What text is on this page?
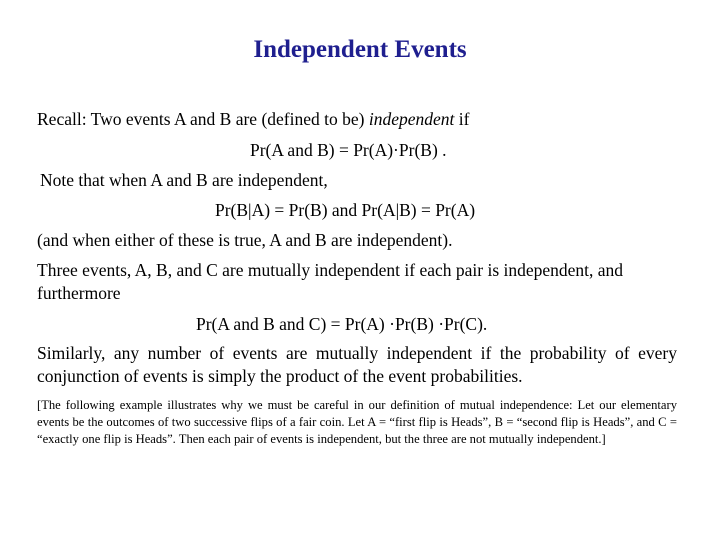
Independent Events
Recall: Two events A and B are (defined to be) independent if
Pr(A and B) = Pr(A)·Pr(B) .
Note that when A and B are independent,
Pr(B|A) = Pr(B) and Pr(A|B) = Pr(A)
(and when either of these is true, A and B are independent).
Three events, A, B, and C are mutually independent if each pair is independent, and furthermore
Pr(A and B and C) = Pr(A) ·Pr(B) ·Pr(C).
Similarly, any number of events are mutually independent if the probability of every conjunction of events is simply the product of the event probabilities.
[The following example illustrates why we must be careful in our definition of mutual independence: Let our elementary events be the outcomes of two successive flips of a fair coin. Let A = “first flip is Heads”, B = “second flip is Heads”, and C = “exactly one flip is Heads”. Then each pair of events is independent, but the three are not mutually independent.]
